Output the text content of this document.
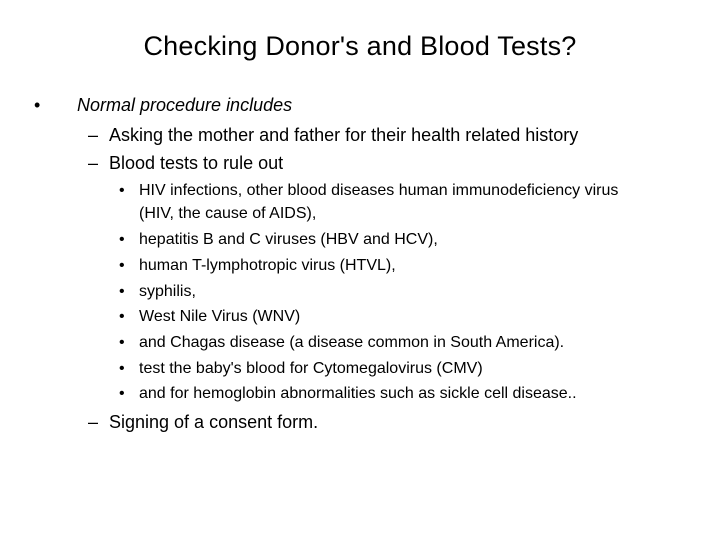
Checking Donor's and Blood Tests?
• Normal procedure includes
– Asking the mother and father for their health related history
– Blood tests to rule out
• HIV infections, other blood diseases human immunodeficiency virus
(HIV, the cause of AIDS),
• hepatitis B and C viruses (HBV and HCV),
• human T-lymphotropic virus (HTVL),
• syphilis,
• West Nile Virus (WNV)
• and Chagas disease (a disease common in South America).
• test the baby's blood for Cytomegalovirus (CMV)
• and for hemoglobin abnormalities such as sickle cell disease..
– Signing of a consent form.
